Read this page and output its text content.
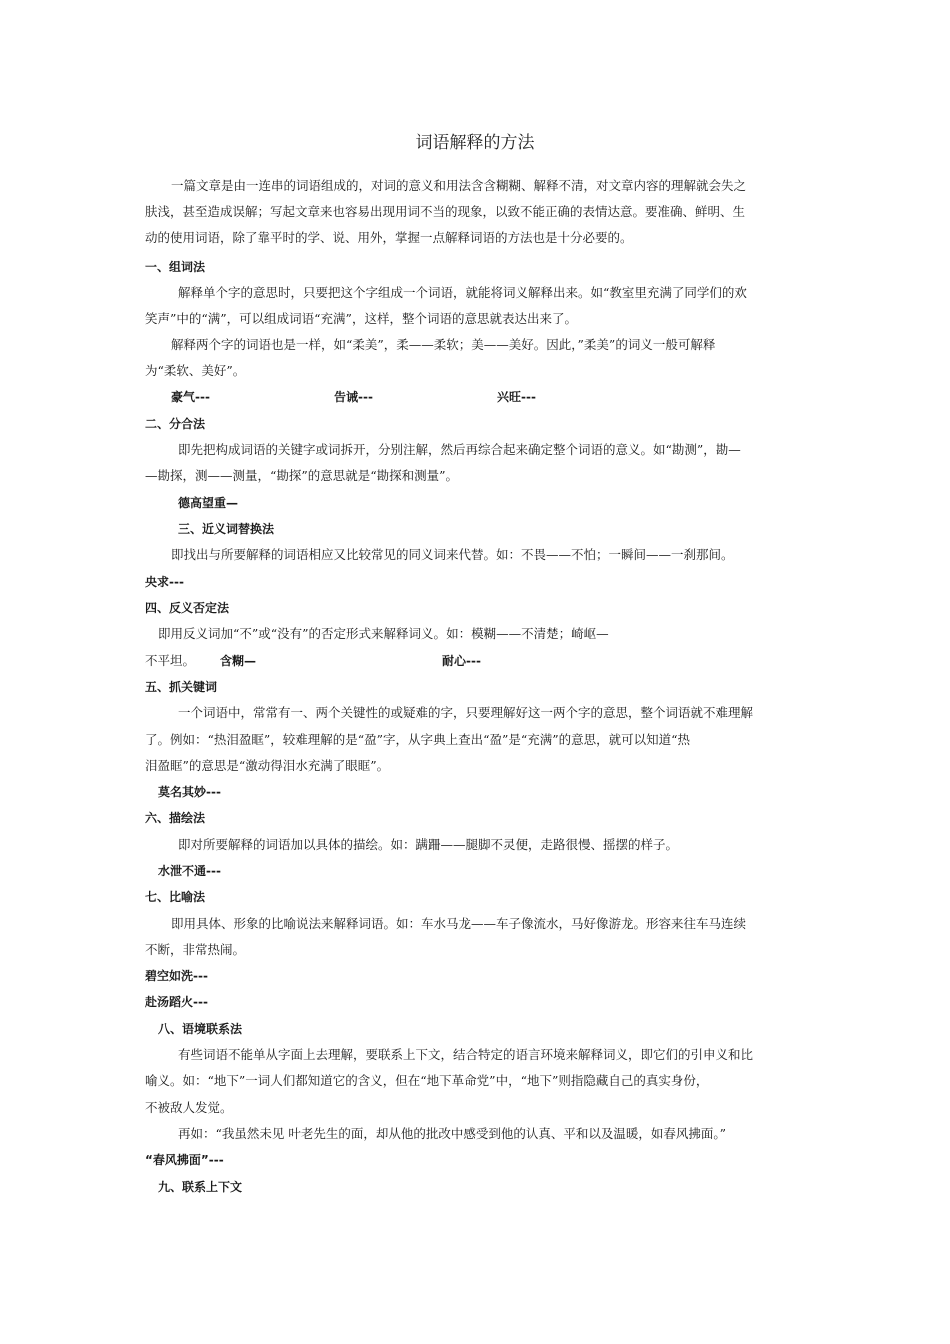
词语解释的方法
一篇文章是由一连串的词语组成的，对词的意义和用法含含糊糊、解释不清，对文章内容的理解就会失之
肤浅，甚至造成误解；写起文章来也容易出现用词不当的现象，以致不能正确的表情达意。要准确、鲜明、生
动的使用词语，除了靠平时的学、说、用外，掌握一点解释词语的方法也是十分必要的。
一、组词法
解释单个字的意思时，只要把这个字组成一个词语，就能将词义解释出来。如“教室里充满了同学们的欢
笑声”中的“满”，可以组成词语“充满”，这样，整个词语的意思就表达出来了。
解释两个字的词语也是一样，如“柔美”，柔——柔软；美——美好。因此，”柔美”的词义一般可解释
为“柔软、美好”。
豪气---	告诫---	兴旺---
二、分合法
即先把构成词语的关键字或词拆开，分别注解，然后再综合起来确定整个词语的意义。如“勘测”，勘—
—勘探，测——测量，“勘探”的意思就是“勘探和测量”。
德高望重—
三、近义词替换法
即找出与所要解释的词语相应又比较常见的同义词来代替。如：不畏——不怕；一瞬间——一刹那间。
央求---
四、反义否定法
即用反义词加“不”或“没有”的否定形式来解释词义。如：模糊——不清楚；崎岖—
不平坦。 含糊—	耐心---
五、抓关键词
一个词语中，常常有一、两个关键性的或疑难的字，只要理解好这一两个字的意思，整个词语就不难理解
了。例如：“热泪盈眶”，较难理解的是“盈”字，从字典上查出“盈”是“充满”的意思，就可以知道“热
泪盈眶”的意思是“激动得泪水充满了眼眶”。
莫名其妙---
六、描绘法
即对所要解释的词语加以具体的描绘。如：蹒跚——腿脚不灵便，走路很慢、摇摆的样子。
水泄不通---
七、比喻法
即用具体、形象的比喻说法来解释词语。如：车水马龙——车子像流水，马好像游龙。形容来往车马连续
不断，非常热闹。
碧空如洗---
赴汤蹈火---
八、语境联系法
有些词语不能单从字面上去理解，要联系上下文，结合特定的语言环境来解释词义，即它们的引申义和比
喻义。如：“地下”一词人们都知道它的含义，但在“地下革命党”中，“地下”则指隐藏自己的真实身份，
不被敌人发觉。
再如：“我虽然未见 叶老先生的面，却从他的批改中感受到他的认真、平和以及温暖，如春风拂面。”
“春风拂面”---
九、联系上下文
